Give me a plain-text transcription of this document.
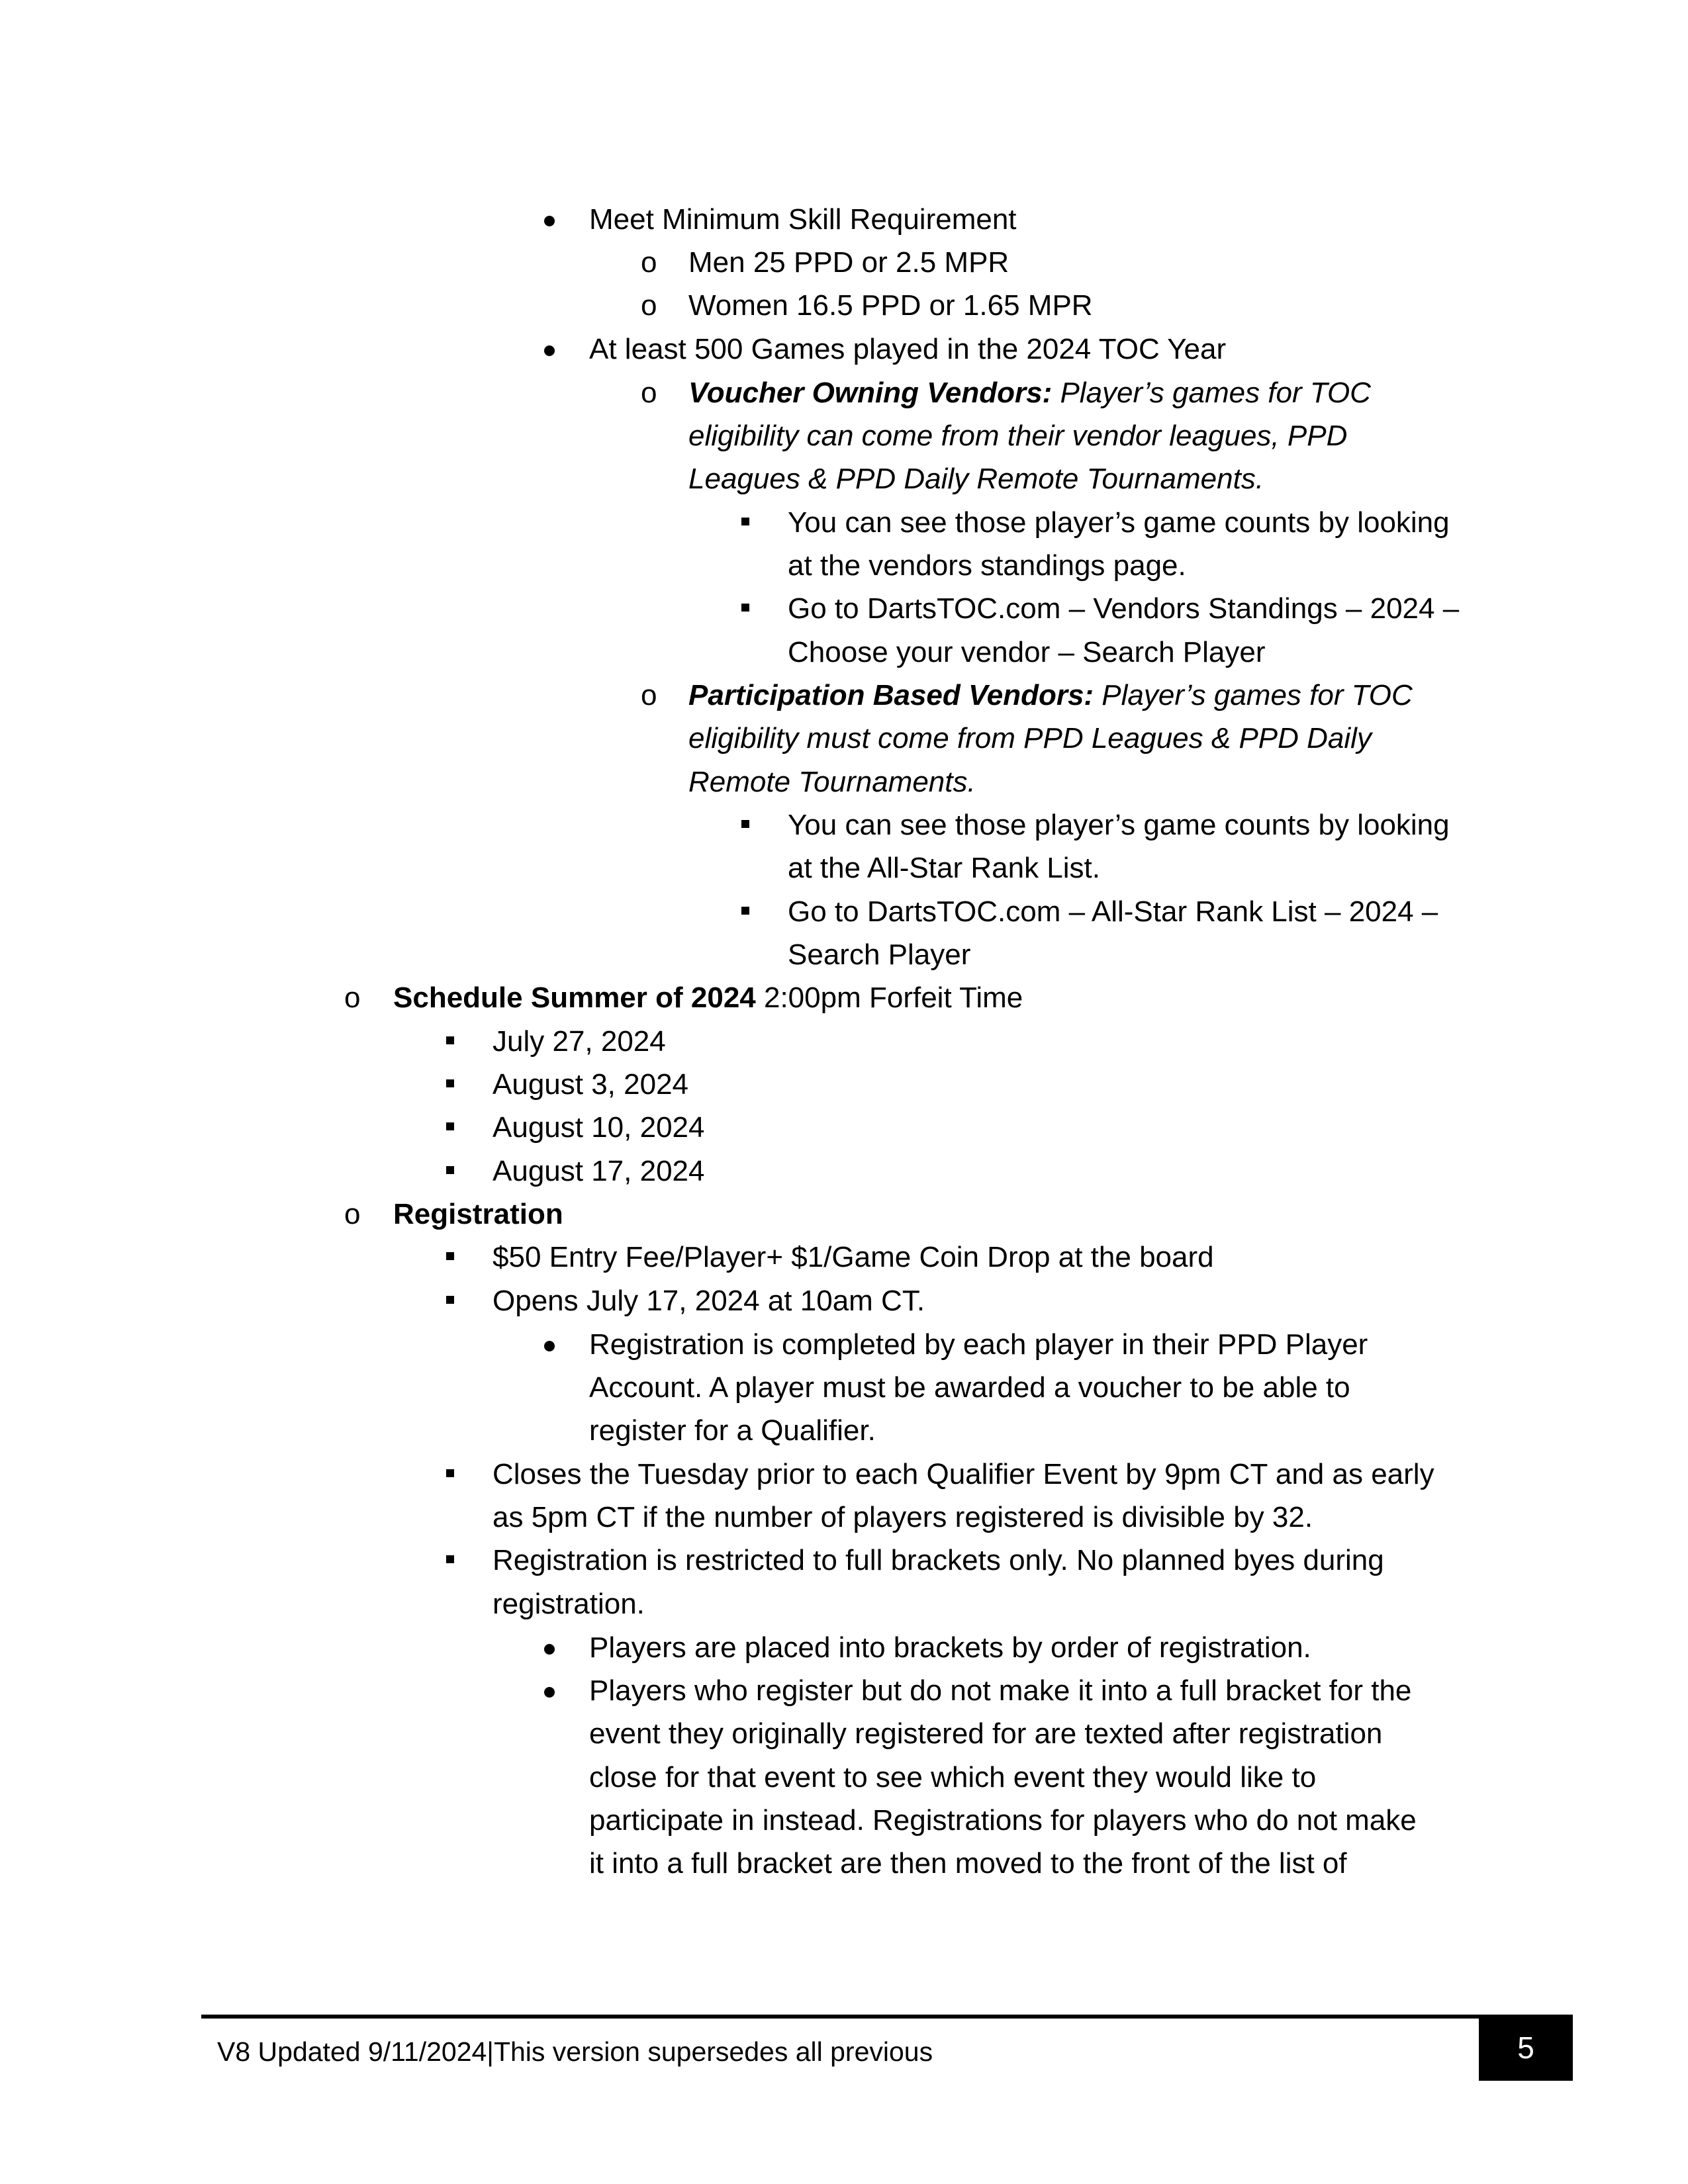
Meet Minimum Skill Requirement
o Men 25 PPD or 2.5 MPR
o Women 16.5 PPD or 1.65 MPR
At least 500 Games played in the 2024 TOC Year
o Voucher Owning Vendors: Player’s games for TOC
eligibility can come from their vendor leagues, PPD
Leagues & PPD Daily Remote Tournaments.
You can see those player’s game counts by looking
at the vendors standings page.
Go to DartsTOC.com – Vendors Standings – 2024 –
Choose your vendor – Search Player
o Participation Based Vendors: Player’s games for TOC
eligibility must come from PPD Leagues & PPD Daily
Remote Tournaments.
You can see those player’s game counts by looking
at the All-Star Rank List.
Go to DartsTOC.com – All-Star Rank List – 2024 –
Search Player
o Schedule Summer of 2024 2:00pm Forfeit Time
July 27, 2024
August 3, 2024
August 10, 2024
August 17, 2024
o Registration
$50 Entry Fee/Player+ $1/Game Coin Drop at the board
Opens July 17, 2024 at 10am CT.
Registration is completed by each player in their PPD Player
Account. A player must be awarded a voucher to be able to
register for a Qualifier.
Closes the Tuesday prior to each Qualifier Event by 9pm CT and as early
as 5pm CT if the number of players registered is divisible by 32.
Registration is restricted to full brackets only. No planned byes during
registration.
Players are placed into brackets by order of registration.
Players who register but do not make it into a full bracket for the
event they originally registered for are texted after registration
close for that event to see which event they would like to
participate in instead. Registrations for players who do not make
it into a full bracket are then moved to the front of the list of
V8 Updated 9/11/2024|This version supersedes all previous	5
